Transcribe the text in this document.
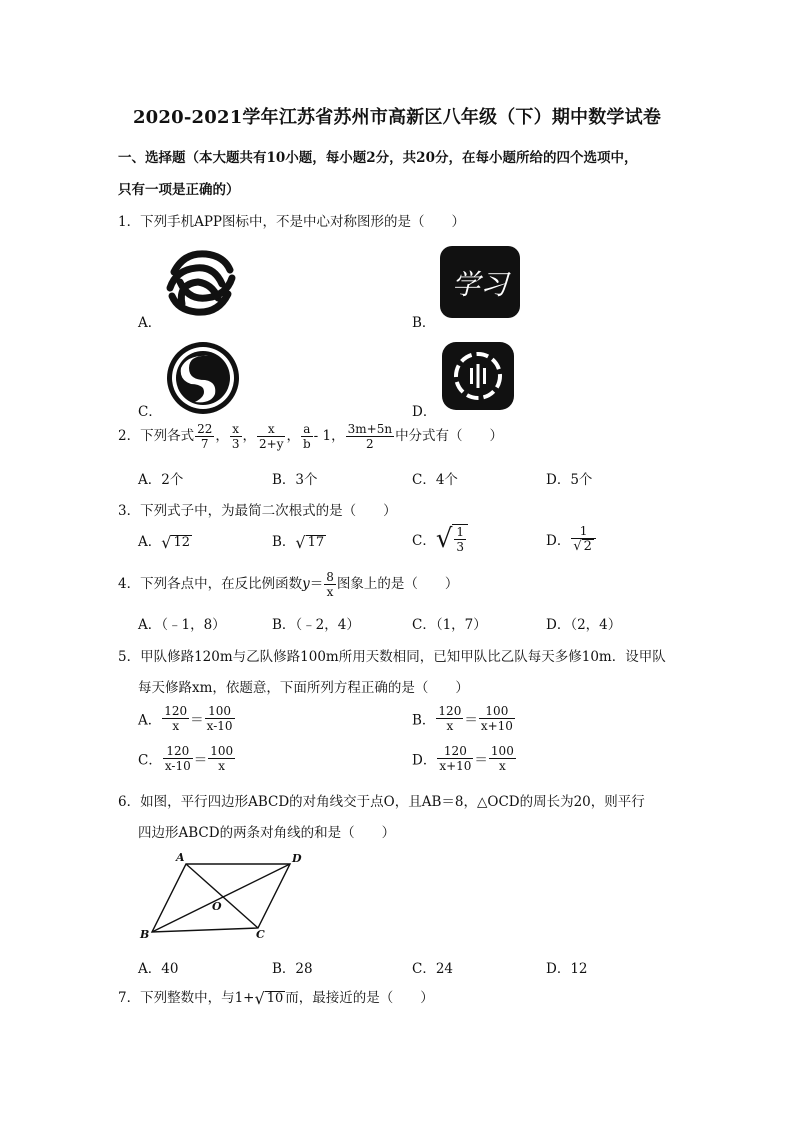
2020-2021学年江苏省苏州市高新区八年级（下）期中数学试卷
一、选择题（本大题共有10小题，每小题2分，共20分，在每小题所给的四个选项中，
只有一项是正确的）
1．下列手机APP图标中，不是中心对称图形的是（　　）
A．	B．
学习
C．	D．
2．下列各式 $\frac{22}{7}$ ， $\frac{x}{3}$ ， $\frac{x}{2+y}$ ， $\frac{a}{b} - 1$， $\frac{3m+5n}{2}$ 中分式有（　　）
A．2个	B．3个	C．4个	D．5个
3．下列式子中，为最简二次根式的是（　　）
A．√ 12	B．√ 17	C．√ $\frac{1}{3}$	D． $\frac{1}{√ 2}$
4．下列各点中，在反比例函数$y= \frac{8}{x}$ 图象上的是（　　）
A．（﹣1，8）	B．（﹣2，4）	C．（1，7）	D．（2，4）
5．甲队修路120m与乙队修路100m所用天数相同，已知甲队比乙队每天多修10m．设甲队
每天修路xm，依题意，下面所列方程正确的是（　　）
A． $\frac{120}{x} = \frac{100}{x-10}$	B． $\frac{120}{x} = \frac{100}{x+10}$
C． $\frac{120}{x-10} = \frac{100}{x}$	D． $\frac{120}{x+10} = \frac{100}{x}$
6．如图，平行四边形ABCD的对角线交于点O，且AB＝8，△OCD的周长为20，则平行
四边形ABCD的两条对角线的和是（　　）
A	D
B	C
O
A．40	B．28	C．24	D．12
7．下列整数中，与1+√ 10 而，最接近的是（　　）
